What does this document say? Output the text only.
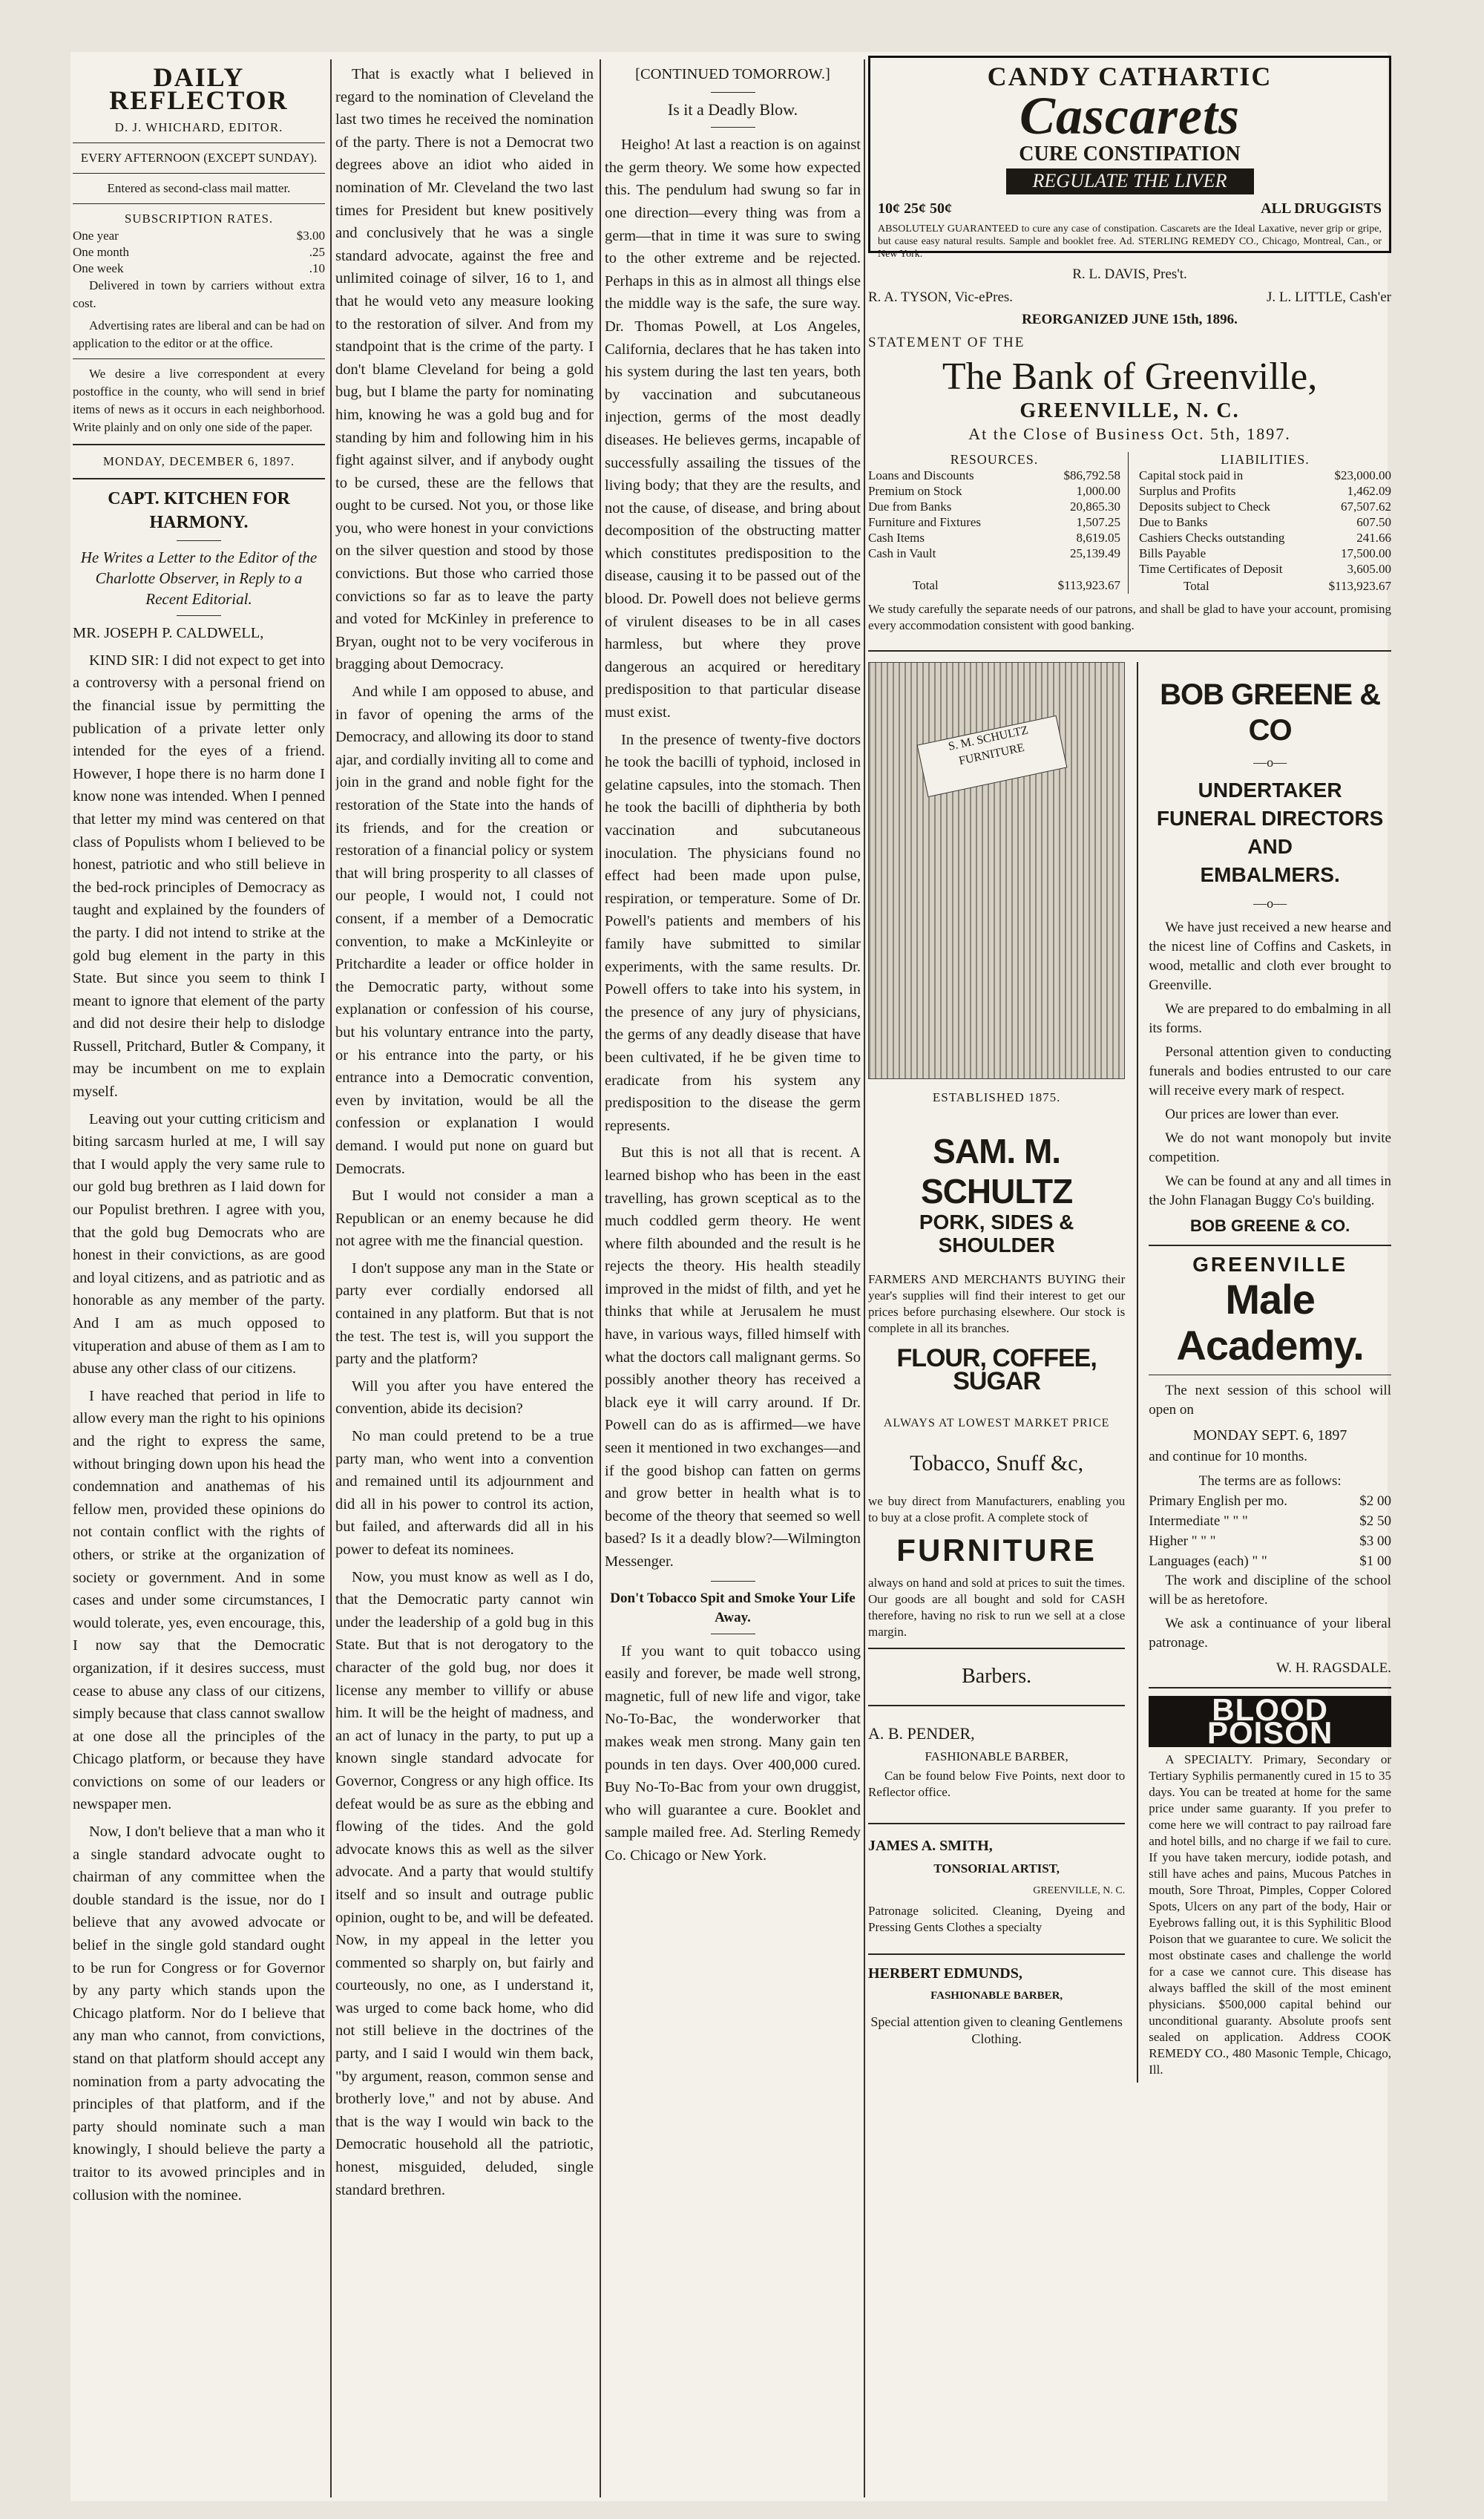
DAILY REFLECTOR
D. J. WHICHARD, EDITOR.
EVERY AFTERNOON (EXCEPT SUNDAY).
Entered as second-class mail matter.
SUBSCRIPTION RATES.
One year	$3.00
One month	.25
One week	.10

Delivered in town by carriers without extra cost.

Advertising rates are liberal and can be had on application to the editor or at the office.

We desire a live correspondent at every postoffice in the county, who will send in brief items of news as it occurs in each neighborhood. Write plainly and on only one side of the paper.

MONDAY, DECEMBER 6, 1897.
CAPT. KITCHEN FOR HARMONY.
He Writes a Letter to the Editor of the Charlotte Observer, in Reply to a Recent Editorial.

MR. JOSEPH P. CALDWELL,

KIND SIR: I did not expect to get into a controversy with a personal friend on the financial issue by permitting the publication of a private letter only intended for the eyes of a friend. However, I hope there is no harm done I know none was intended. When I penned that letter my mind was centered on that class of Populists whom I believed to be honest, patriotic and who still believe in the bed-rock principles of Democracy as taught and explained by the founders of the party. I did not intend to strike at the gold bug element in the party in this State. But since you seem to think I meant to ignore that element of the party and did not desire their help to dislodge Russell, Pritchard, Butler & Company, it may be incumbent on me to explain myself.

Leaving out your cutting criticism and biting sarcasm hurled at me, I will say that I would apply the very same rule to our gold bug brethren as I laid down for our Populist brethren. I agree with you, that the gold bug Democrats who are honest in their convictions, as are good and loyal citizens, and as patriotic and as honorable as any member of the party. And I am as much opposed to vituperation and abuse of them as I am to abuse any other class of our citizens.

I have reached that period in life to allow every man the right to his opinions and the right to express the same, without bringing down upon his head the condemnation and anathemas of his fellow men, provided these opinions do not contain conflict with the rights of others, or strike at the organization of society or government. And in some cases and under some circumstances, I would tolerate, yes, even encourage, this, I now say that the Democratic organization, if it desires success, must cease to abuse any class of our citizens, simply because that class cannot swallow at one dose all the principles of the Chicago platform, or because they have convictions on some of our leaders or newspaper men.

Now, I don't believe that a man who it a single standard advocate ought to chairman of any committee when the double standard is the issue, nor do I believe that any avowed advocate or belief in the single gold standard ought to be run for Congress or for Governor by any party which stands upon the Chicago platform. Nor do I believe that any man who cannot, from convictions, stand on that platform should accept any nomination from a party advocating the principles of that platform, and if the party should nominate such a man knowingly, I should believe the party a traitor to its avowed principles and in collusion with the nominee.

That is exactly what I believed in regard to the nomination of Cleveland the last two times he received the nomination of the party. There is not a Democrat two degrees above an idiot who aided in nomination of Mr. Cleveland the two last times for President but knew positively and conclusively that he was a single standard advocate, against the free and unlimited coinage of silver, 16 to 1, and that he would veto any measure looking to the restoration of silver. And from my standpoint that is the crime of the party. I don't blame Cleveland for being a gold bug, but I blame the party for nominating him, knowing he was a gold bug and for standing by him and following him in his fight against silver, and if anybody ought to be cursed, these are the fellows that ought to be cursed. Not you, or those like you, who were honest in your convictions on the silver question and stood by those convictions. But those who carried those convictions so far as to leave the party and voted for McKinley in preference to Bryan, ought not to be very vociferous in bragging about Democracy.

And while I am opposed to abuse, and in favor of opening the arms of the Democracy, and allowing its door to stand ajar, and cordially inviting all to come and join in the grand and noble fight for the restoration of the State into the hands of its friends, and for the creation or restoration of a financial policy or system that will bring prosperity to all classes of our people, I would not, I could not consent, if a member of a Democratic convention, to make a McKinleyite or Pritchardite a leader or office holder in the Democratic party, without some explanation or confession of his course, but his voluntary entrance into the party, or his entrance into the party, or his entrance into a Democratic convention, even by invitation, would be all the confession or explanation I would demand. I would put none on guard but Democrats.

But I would not consider a man a Republican or an enemy because he did not agree with me the financial question.

I don't suppose any man in the State or party ever cordially endorsed all contained in any platform. But that is not the test. The test is, will you support the party and the platform?

Will you after you have entered the convention, abide its decision?

No man could pretend to be a true party man, who went into a convention and remained until its adjournment and did all in his power to control its action, but failed, and afterwards did all in his power to defeat its nominees.

Now, you must know as well as I do, that the Democratic party cannot win under the leadership of a gold bug in this State. But that is not derogatory to the character of the gold bug, nor does it license any member to villify or abuse him. It will be the height of madness, and an act of lunacy in the party, to put up a known single standard advocate for Governor, Congress or any high office. Its defeat would be as sure as the ebbing and flowing of the tides. And the gold advocate knows this as well as the silver advocate. And a party that would stultify itself and so insult and outrage public opinion, ought to be, and will be defeated. Now, in my appeal in the letter you commented so sharply on, but fairly and courteously, no one, as I understand it, was urged to come back home, who did not still believe in the doctrines of the party, and I said I would win them back, "by argument, reason, common sense and brotherly love," and not by abuse. And that is the way I would win back to the Democratic household all the patriotic, honest, misguided, deluded, single standard brethren.

[CONTINUED TOMORROW.]
Is it a Deadly Blow.

Heigho! At last a reaction is on against the germ theory. We some how expected this. The pendulum had swung so far in one direction—every thing was from a germ—that in time it was sure to swing to the other extreme and be rejected. Perhaps in this as in almost all things else the middle way is the safe, the sure way. Dr. Thomas Powell, at Los Angeles, California, declares that he has taken into his system during the last ten years, both by vaccination and subcutaneous injection, germs of the most deadly diseases. He believes germs, incapable of successfully assailing the tissues of the living body; that they are the results, and not the cause, of disease, and bring about decomposition of the obstructing matter which constitutes predisposition to the disease, causing it to be passed out of the blood. Dr. Powell does not believe germs of virulent diseases to be in all cases harmless, but where they prove dangerous an acquired or hereditary predisposition to that particular disease must exist.

In the presence of twenty-five doctors he took the bacilli of typhoid, inclosed in gelatine capsules, into the stomach. Then he took the bacilli of diphtheria by both vaccination and subcutaneous inoculation. The physicians found no effect had been made upon pulse, respiration, or temperature. Some of Dr. Powell's patients and members of his family have submitted to similar experiments, with the same results. Dr. Powell offers to take into his system, in the presence of any jury of physicians, the germs of any deadly disease that have been cultivated, if he be given time to eradicate from his system any predisposition to the disease the germ represents.

But this is not all that is recent. A learned bishop who has been in the east travelling, has grown sceptical as to the much coddled germ theory. He went where filth abounded and the result is he rejects the theory. His health steadily improved in the midst of filth, and yet he thinks that while at Jerusalem he must have, in various ways, filled himself with what the doctors call malignant germs. So possibly another theory has received a black eye it will carry around. If Dr. Powell can do as is affirmed—we have seen it mentioned in two exchanges—and if the good bishop can fatten on germs and grow better in health what is to become of the theory that seemed so well based? Is it a deadly blow?—Wilmington Messenger.

Don't Tobacco Spit and Smoke Your Life Away.

If you want to quit tobacco using easily and forever, be made well strong, magnetic, full of new life and vigor, take No-To-Bac, the wonderworker that makes weak men strong. Many gain ten pounds in ten days. Over 400,000 cured. Buy No-To-Bac from your own druggist, who will guarantee a cure. Booklet and sample mailed free. Ad. Sterling Remedy Co. Chicago or New York.

CANDY CATHARTIC
Cascarets
CURE CONSTIPATION
REGULATE THE LIVER
10¢ 25¢ 50¢	ALL DRUGGISTS
ABSOLUTELY GUARANTEED to cure any case of constipation. Cascarets are the Ideal Laxative, never grip or gripe, but cause easy natural results. Sample and booklet free. Ad. STERLING REMEDY CO., Chicago, Montreal, Can., or New York.
R. L. DAVIS, Pres't.
R. A. TYSON, Vic-ePres.	J. L. LITTLE, Cash'er
REORGANIZED JUNE 15th, 1896.
STATEMENT OF THE
The Bank of Greenville,
GREENVILLE, N. C.
At the Close of Business Oct. 5th, 1897.
RESOURCES.
Loans and Discounts	$86,792.58
Premium on Stock	1,000.00
Due from Banks	20,865.30
Furniture and Fixtures	1,507.25
Cash Items	8,619.05
Cash in Vault	25,139.49
Total	$113,923.67
LIABILITIES.
Capital stock paid in	$23,000.00
Surplus and Profits	1,462.09
Deposits subject to Check	67,507.62
Due to Banks	607.50
Cashiers Checks outstanding	241.66
Bills Payable	17,500.00
Time Certificates of Deposit	3,605.00
Total	$113,923.67

We study carefully the separate needs of our patrons, and shall be glad to have your account, promising every accommodation consistent with good banking.

S. M. SCHULTZ FURNITURE
ESTABLISHED 1875.
SAM. M. SCHULTZ
PORK, SIDES & SHOULDER

FARMERS AND MERCHANTS BUYING their year's supplies will find their interest to get our prices before purchasing elsewhere. Our stock is complete in all its branches.

FLOUR, COFFEE, SUGAR
ALWAYS AT LOWEST MARKET PRICE
Tobacco, Snuff &c,

we buy direct from Manufacturers, enabling you to buy at a close profit. A complete stock of

FURNITURE

always on hand and sold at prices to suit the times. Our goods are all bought and sold for CASH therefore, having no risk to run we sell at a close margin.

Barbers.
A. B. PENDER,
FASHIONABLE BARBER,

Can be found below Five Points, next door to Reflector office.

JAMES A. SMITH,
TONSORIAL ARTIST,
GREENVILLE, N. C.

Patronage solicited. Cleaning, Dyeing and Pressing Gents Clothes a specialty

HERBERT EDMUNDS,
FASHIONABLE BARBER,

Special attention given to cleaning Gentlemens Clothing.

BOB GREENE & CO
—o—
UNDERTAKER
FUNERAL DIRECTORS AND
EMBALMERS.
—o—

We have just received a new hearse and the nicest line of Coffins and Caskets, in wood, metallic and cloth ever brought to Greenville.

We are prepared to do embalming in all its forms.

Personal attention given to conducting funerals and bodies entrusted to our care will receive every mark of respect.

Our prices are lower than ever.

We do not want monopoly but invite competition.

We can be found at any and all times in the John Flanagan Buggy Co's building.

BOB GREENE & CO.
GREENVILLE
Male Academy.

The next session of this school will open on

MONDAY SEPT. 6, 1897

and continue for 10 months.

The terms are as follows:
Primary English per mo.	$2 00
Intermediate " " "	$2 50
Higher " " "	$3 00
Languages (each) " "	$1 00

The work and discipline of the school will be as heretofore.

We ask a continuance of your liberal patronage.

W. H. RAGSDALE.
BLOOD POISON

A SPECIALTY. Primary, Secondary or Tertiary Syphilis permanently cured in 15 to 35 days. You can be treated at home for the same price under same guaranty. If you prefer to come here we will contract to pay railroad fare and hotel bills, and no charge if we fail to cure. If you have taken mercury, iodide potash, and still have aches and pains, Mucous Patches in mouth, Sore Throat, Pimples, Copper Colored Spots, Ulcers on any part of the body, Hair or Eyebrows falling out, it is this Syphilitic Blood Poison that we guarantee to cure. We solicit the most obstinate cases and challenge the world for a case we cannot cure. This disease has always baffled the skill of the most eminent physicians. $500,000 capital behind our unconditional guaranty. Absolute proofs sent sealed on application. Address COOK REMEDY CO., 480 Masonic Temple, Chicago, Ill.
